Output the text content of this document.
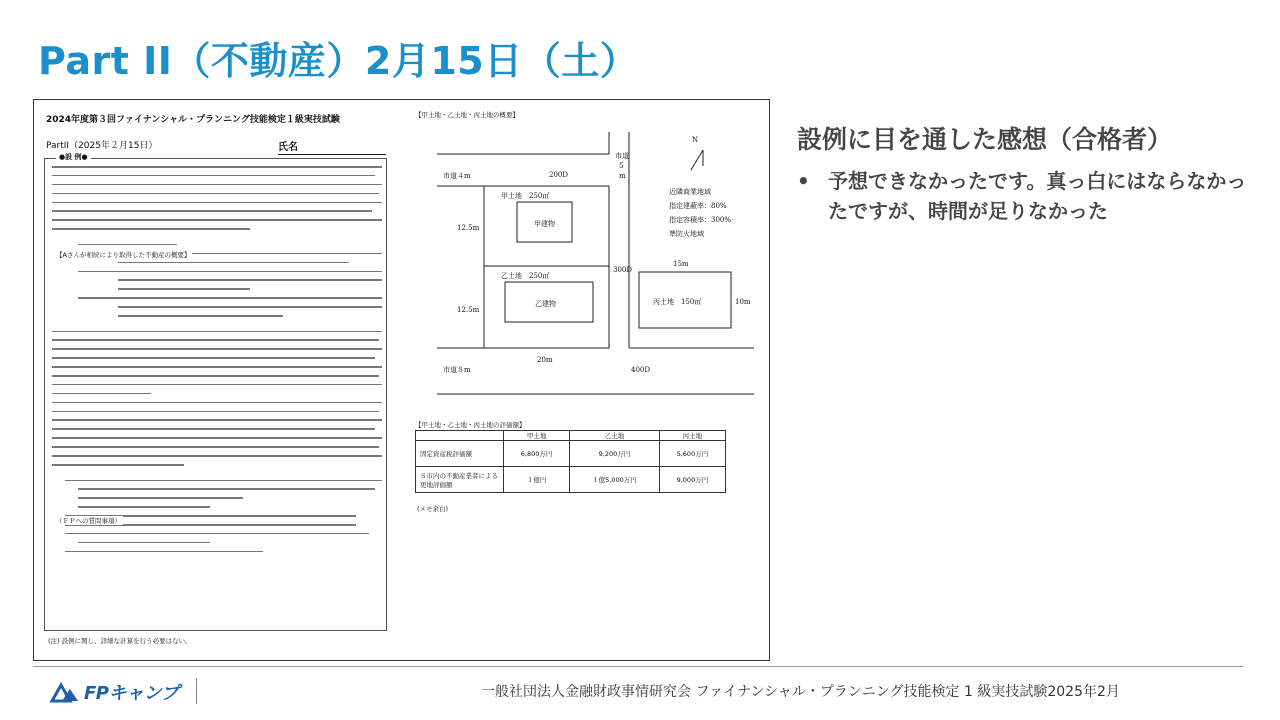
Part II（不動産）2月15日（土）
2024年度第３回ファイナンシャル・プランニング技能検定１級実技試験
PartII（2025年２月15日）	氏名
●設 例●
【Aさんが相続により取得した不動産の概要】
（ＦＰへの質問事項）
(注) 設例に関し、詳細な計算を行う必要はない。
【甲土地・乙土地・丙土地の概要】
N
市道４m	200D
市道
5
m
300D
市道８m	400D
甲土地　250㎡
甲建物
乙土地　250㎡
乙建物	丙土地　150㎡
12.5m
12.5m
20m
15m
10m
近隣商業地域
指定建蔽率：80%
指定容積率：300%
準防火地域
【甲土地・乙土地・丙土地の評価額】
	甲土地	乙土地	丙土地
固定資産税評価額	6,800万円	9,200万円	5,600万円
Ｓ市内の不動産業者による更地評価額	１億円	１億5,000万円	9,000万円
(メモ余白)
設例に目を通した感想（合格者）
• 予想できなかったです。真っ白にはならなかったですが、時間が足りなかった
FPキャンプ	一般社団法人金融財政事情研究会 ファイナンシャル・プランニング技能検定 1 級実技試験2025年2月
